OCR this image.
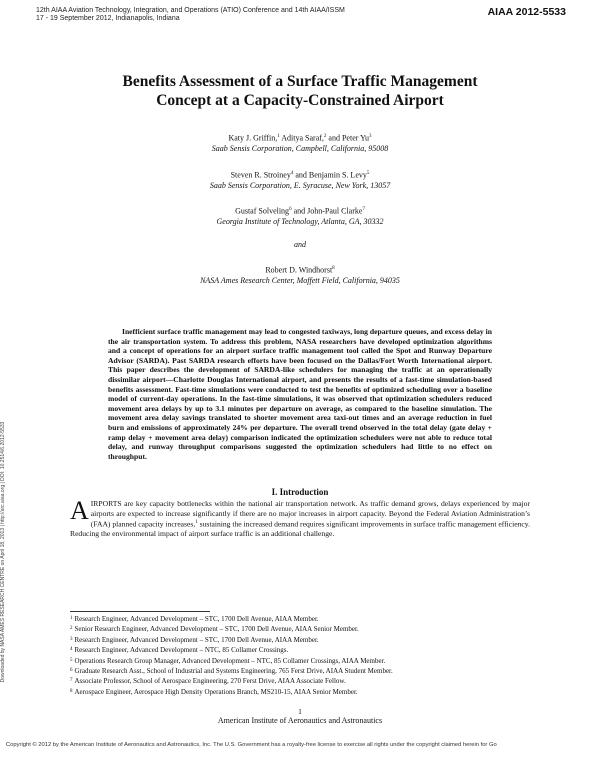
12th AIAA Aviation Technology, Integration, and Operations (ATIO) Conference and 14th AIAA/ISSM
17 - 19 September 2012, Indianapolis, Indiana
AIAA 2012-5533
Downloaded by NASA AMES RESEARCH CENTRE on April 18, 2013 | http://arc.aiaa.org | DOI: 10.2514/6.2012-5533
Benefits Assessment of a Surface Traffic Management
Concept at a Capacity-Constrained Airport
Katy J. Griffin,$^1$ Aditya Saraf,$^2$ and Peter Yu$^3$
Saab Sensis Corporation, Campbell, California, 95008
Steven R. Stroiney$^4$ and Benjamin S. Levy$^5$
Saab Sensis Corporation, E. Syracuse, New York, 13057
Gustaf Solveling$^6$ and John-Paul Clarke$^7$
Georgia Institute of Technology, Atlanta, GA, 30332
and
Robert D. Windhorst$^8$
NASA Ames Research Center, Moffett Field, California, 94035
Inefficient surface traffic management may lead to congested taxiways, long departure queues, and excess delay in the air transportation system. To address this problem, NASA researchers have developed optimization algorithms and a concept of operations for an airport surface traffic management tool called the Spot and Runway Departure Advisor (SARDA). Past SARDA research efforts have been focused on the Dallas/Fort Worth International airport. This paper describes the development of SARDA-like schedulers for managing the traffic at an operationally dissimilar airport—Charlotte Douglas International airport, and presents the results of a fast-time simulation-based benefits assessment. Fast-time simulations were conducted to test the benefits of optimized scheduling over a baseline model of current-day operations. In the fast-time simulations, it was observed that optimization schedulers reduced movement area delays by up to 3.1 minutes per departure on average, as compared to the baseline simulation. The movement area delay savings translated to shorter movement area taxi-out times and an average reduction in fuel burn and emissions of approximately 24% per departure. The overall trend observed in the total delay (gate delay + ramp delay + movement area delay) comparison indicated the optimization schedulers were not able to reduce total delay, and runway throughput comparisons suggested the optimization schedulers had little to no effect on throughput.
I. Introduction
AIRPORTS are key capacity bottlenecks within the national air transportation network. As traffic demand grows, delays experienced by major airports are expected to increase significantly if there are no major increases in airport capacity. Beyond the Federal Aviation Administration’s (FAA) planned capacity increases,$^1$ sustaining the increased demand requires significant improvements in surface traffic management efficiency. Reducing the environmental impact of airport surface traffic is an additional challenge.
$^1$ Research Engineer, Advanced Development – STC, 1700 Dell Avenue, AIAA Member.
$^2$ Senior Research Engineer, Advanced Development – STC, 1700 Dell Avenue, AIAA Senior Member.
$^3$ Research Engineer, Advanced Development – STC, 1700 Dell Avenue, AIAA Member.
$^4$ Research Engineer, Advanced Development – NTC, 85 Collamer Crossings.
$^5$ Operations Research Group Manager, Advanced Development – NTC, 85 Collamer Crossings, AIAA Member.
$^6$ Graduate Research Asst., School of Industrial and Systems Engineering, 765 Ferst Drive, AIAA Student Member.
$^7$ Associate Professor, School of Aerospace Engineering, 270 Ferst Drive, AIAA Associate Fellow.
$^8$ Aerospace Engineer, Aerospace High Density Operations Branch, MS210-15, AIAA Senior Member.
1
American Institute of Aeronautics and Astronautics
Copyright © 2012 by the American Institute of Aeronautics and Astronautics, Inc. The U.S. Government has a royalty-free license to exercise all rights under the copyright claimed herein for Go
